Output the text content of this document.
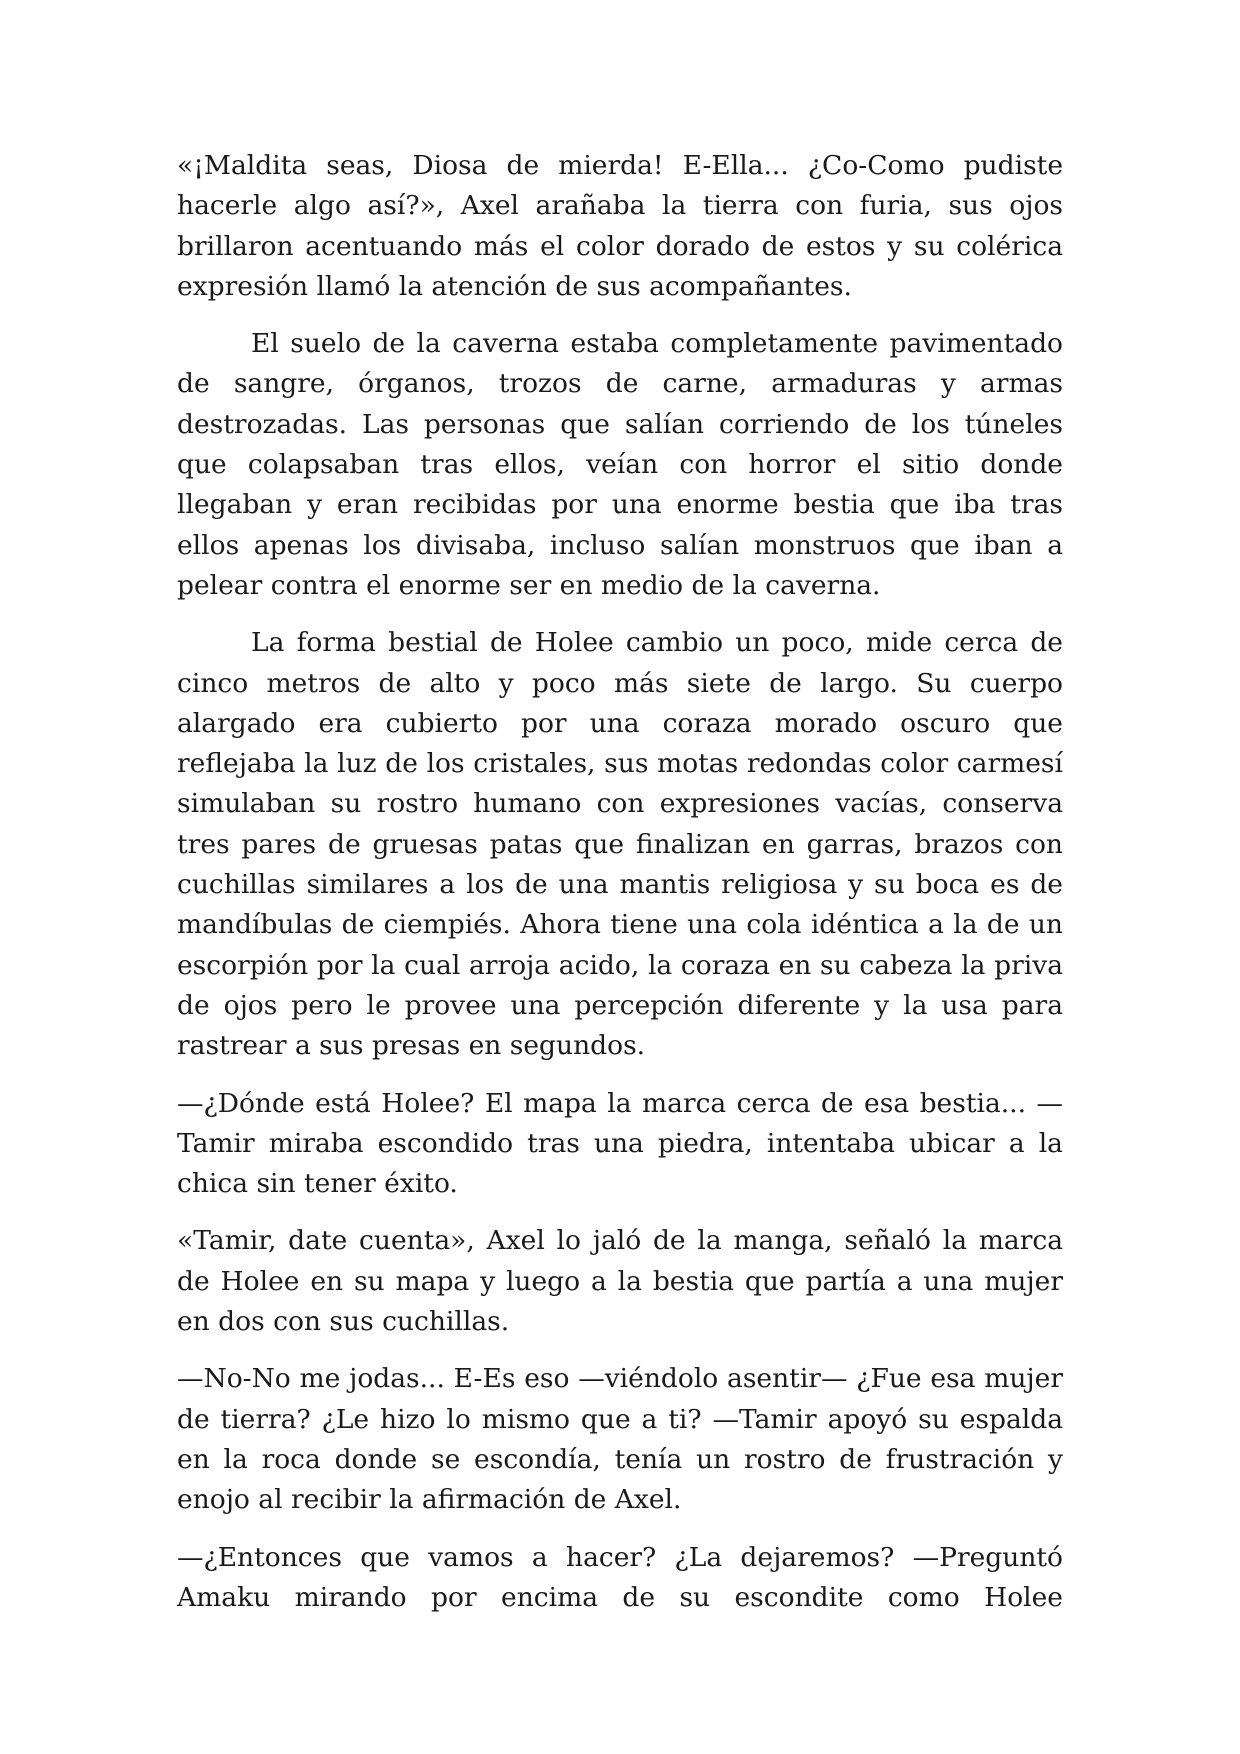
«¡Maldita seas, Diosa de mierda! E-Ella... ¿Co-Como pudiste hacerle algo así?», Axel arañaba la tierra con furia, sus ojos brillaron acentuando más el color dorado de estos y su colérica expresión llamó la atención de sus acompañantes.

El suelo de la caverna estaba completamente pavimentado de sangre, órganos, trozos de carne, armaduras y armas destrozadas. Las personas que salían corriendo de los túneles que colapsaban tras ellos, veían con horror el sitio donde llegaban y eran recibidas por una enorme bestia que iba tras ellos apenas los divisaba, incluso salían monstruos que iban a pelear contra el enorme ser en medio de la caverna.

La forma bestial de Holee cambio un poco, mide cerca de cinco metros de alto y poco más siete de largo. Su cuerpo alargado era cubierto por una coraza morado oscuro que reflejaba la luz de los cristales, sus motas redondas color carmesí simulaban su rostro humano con expresiones vacías, conserva tres pares de gruesas patas que finalizan en garras, brazos con cuchillas similares a los de una mantis religiosa y su boca es de mandíbulas de ciempiés. Ahora tiene una cola idéntica a la de un escorpión por la cual arroja acido, la coraza en su cabeza la priva de ojos pero le provee una percepción diferente y la usa para rastrear a sus presas en segundos.

—¿Dónde está Holee? El mapa la marca cerca de esa bestia... —Tamir miraba escondido tras una piedra, intentaba ubicar a la chica sin tener éxito.

«Tamir, date cuenta», Axel lo jaló de la manga, señaló la marca de Holee en su mapa y luego a la bestia que partía a una mujer en dos con sus cuchillas.

—No-No me jodas... E-Es eso —viéndolo asentir— ¿Fue esa mujer de tierra? ¿Le hizo lo mismo que a ti? —Tamir apoyó su espalda en la roca donde se escondía, tenía un rostro de frustración y enojo al recibir la afirmación de Axel.

—¿Entonces que vamos a hacer? ¿La dejaremos? —Preguntó Amaku mirando por encima de su escondite como Holee
